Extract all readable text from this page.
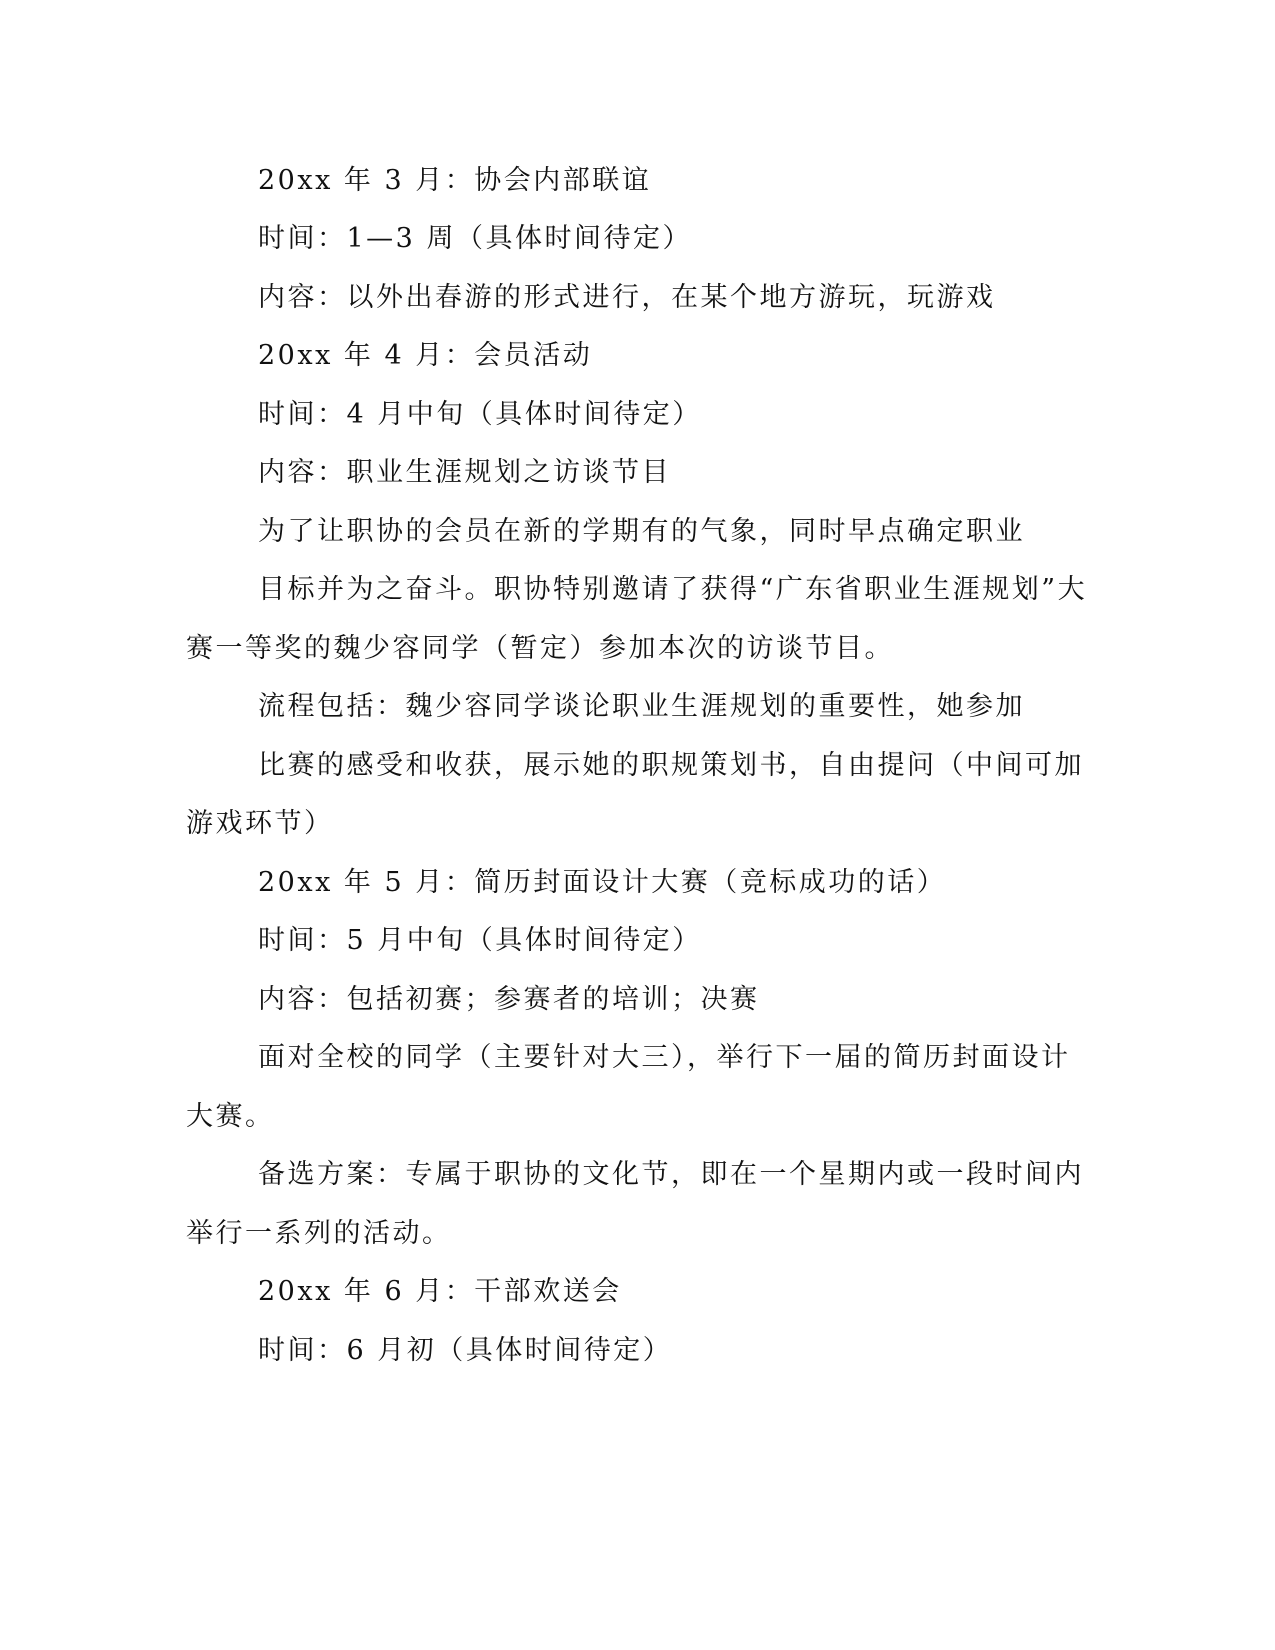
20xx 年 3 月：协会内部联谊

时间：1—3 周（具体时间待定）

内容：以外出春游的形式进行，在某个地方游玩，玩游戏

20xx 年 4 月：会员活动

时间：4 月中旬（具体时间待定）

内容：职业生涯规划之访谈节目

为了让职协的会员在新的学期有的气象，同时早点确定职业

目标并为之奋斗。职协特别邀请了获得“广东省职业生涯规划”大

赛一等奖的魏少容同学（暂定）参加本次的访谈节目。

流程包括：魏少容同学谈论职业生涯规划的重要性，她参加

比赛的感受和收获，展示她的职规策划书，自由提问（中间可加

游戏环节）

20xx 年 5 月：简历封面设计大赛（竞标成功的话）

时间：5 月中旬（具体时间待定）

内容：包括初赛；参赛者的培训；决赛

面对全校的同学（主要针对大三），举行下一届的简历封面设计

大赛。

备选方案：专属于职协的文化节，即在一个星期内或一段时间内

举行一系列的活动。

20xx 年 6 月：干部欢送会

时间：6 月初（具体时间待定）
